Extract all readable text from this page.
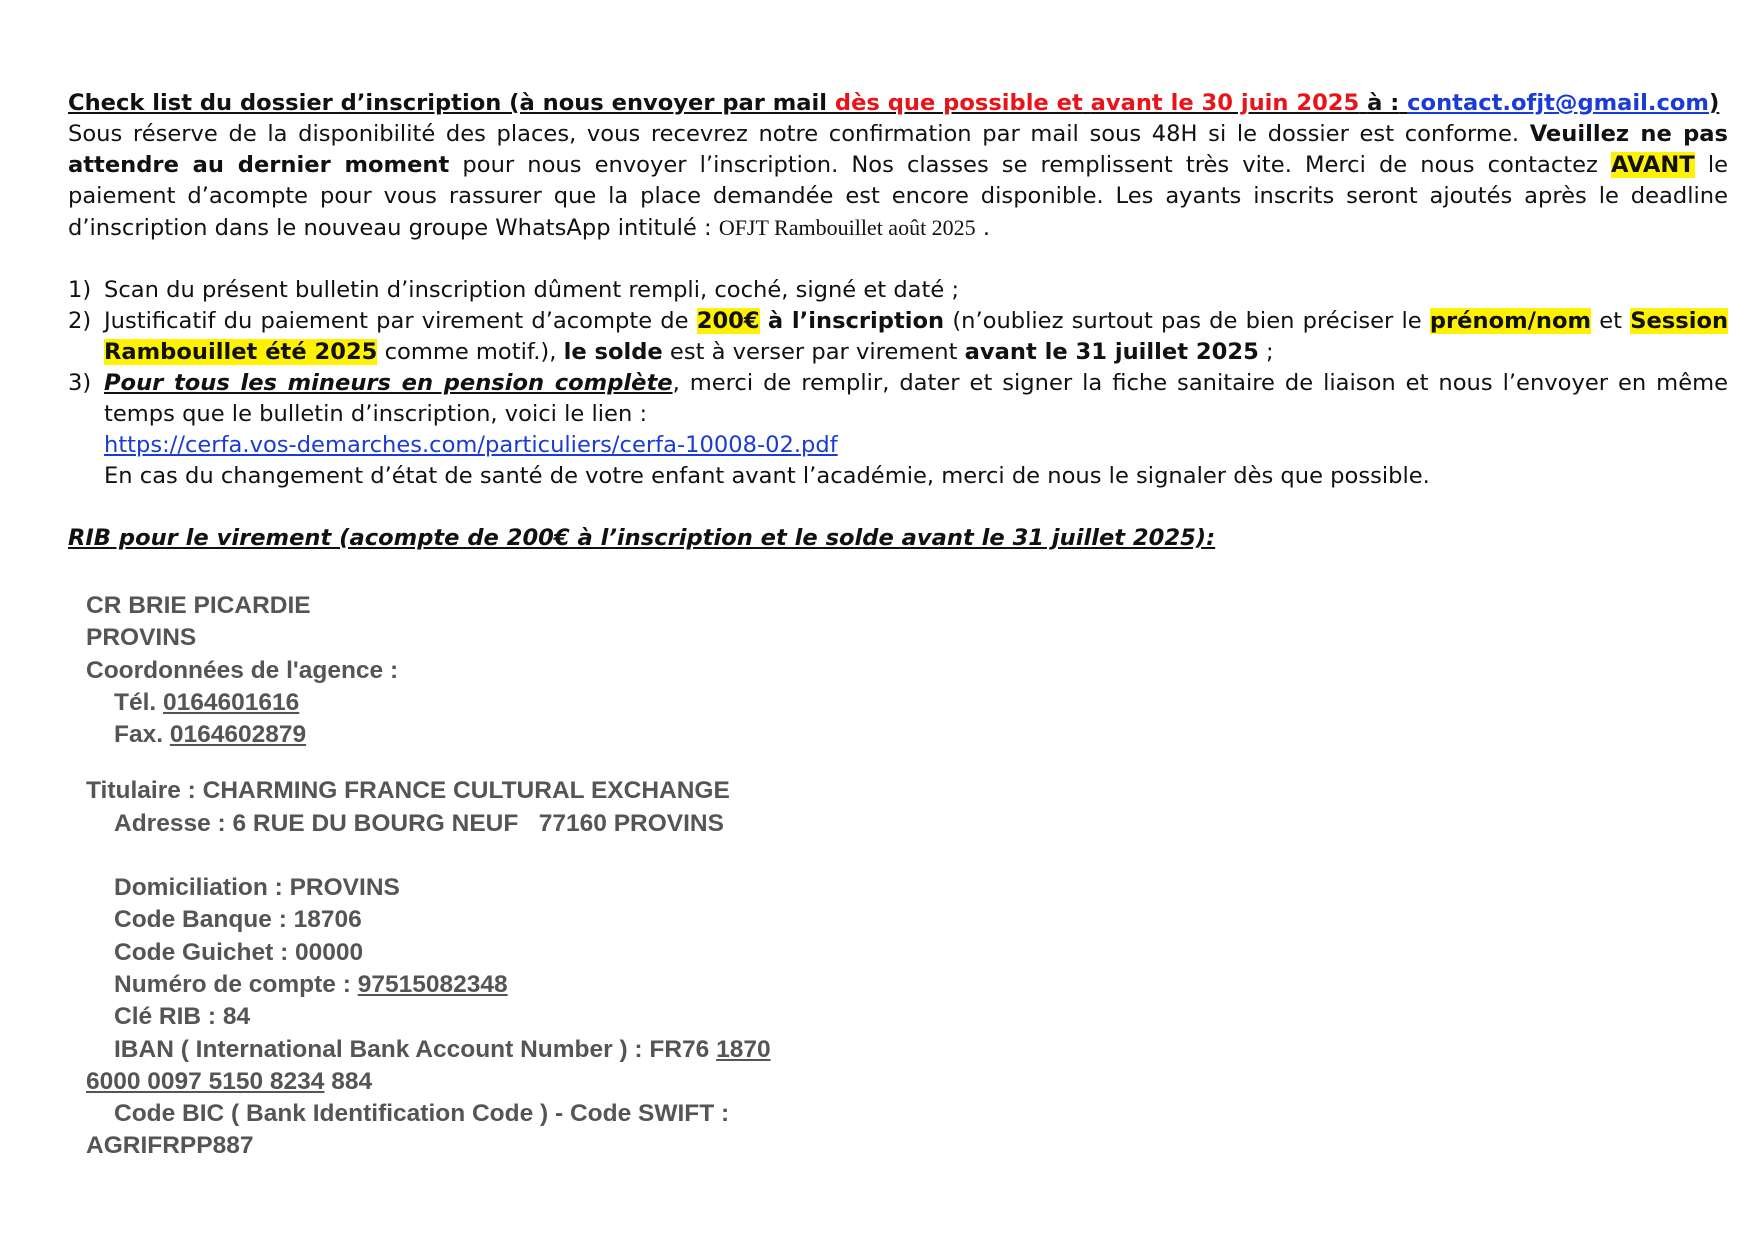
Check list du dossier d’inscription (à nous envoyer par mail dès que possible et avant le 30 juin 2025 à : contact.ofjt@gmail.com)
Sous réserve de la disponibilité des places, vous recevrez notre confirmation par mail sous 48H si le dossier est conforme. Veuillez ne pas attendre au dernier moment pour nous envoyer l’inscription. Nos classes se remplissent très vite. Merci de nous contactez AVANT le paiement d’acompte pour vous rassurer que la place demandée est encore disponible. Les ayants inscrits seront ajoutés après le deadline d’inscription dans le nouveau groupe WhatsApp intitulé : OFJT Rambouillet août 2025 .
1) Scan du présent bulletin d’inscription dûment rempli, coché, signé et daté ;
2) Justificatif du paiement par virement d’acompte de 200€ à l’inscription (n’oubliez surtout pas de bien préciser le prénom/nom et Session Rambouillet été 2025 comme motif.), le solde est à verser par virement avant le 31 juillet 2025 ;
3) Pour tous les mineurs en pension complète, merci de remplir, dater et signer la fiche sanitaire de liaison et nous l’envoyer en même temps que le bulletin d’inscription, voici le lien :
https://cerfa.vos-demarches.com/particuliers/cerfa-10008-02.pdf
En cas du changement d’état de santé de votre enfant avant l’académie, merci de nous le signaler dès que possible.
RIB pour le virement (acompte de 200€ à l’inscription et le solde avant le 31 juillet 2025):
CR BRIE PICARDIE
PROVINS
Coordonnées de l'agence :
Tél. 0164601616
Fax. 0164602879
Titulaire : CHARMING FRANCE CULTURAL EXCHANGE
Adresse : 6 RUE DU BOURG NEUF   77160 PROVINS
Domiciliation : PROVINS
Code Banque : 18706
Code Guichet : 00000
Numéro de compte : 97515082348
Clé RIB : 84
IBAN ( International Bank Account Number ) : FR76 1870
6000 0097 5150 8234 884
Code BIC ( Bank Identification Code ) - Code SWIFT :
AGRIFRPP887
